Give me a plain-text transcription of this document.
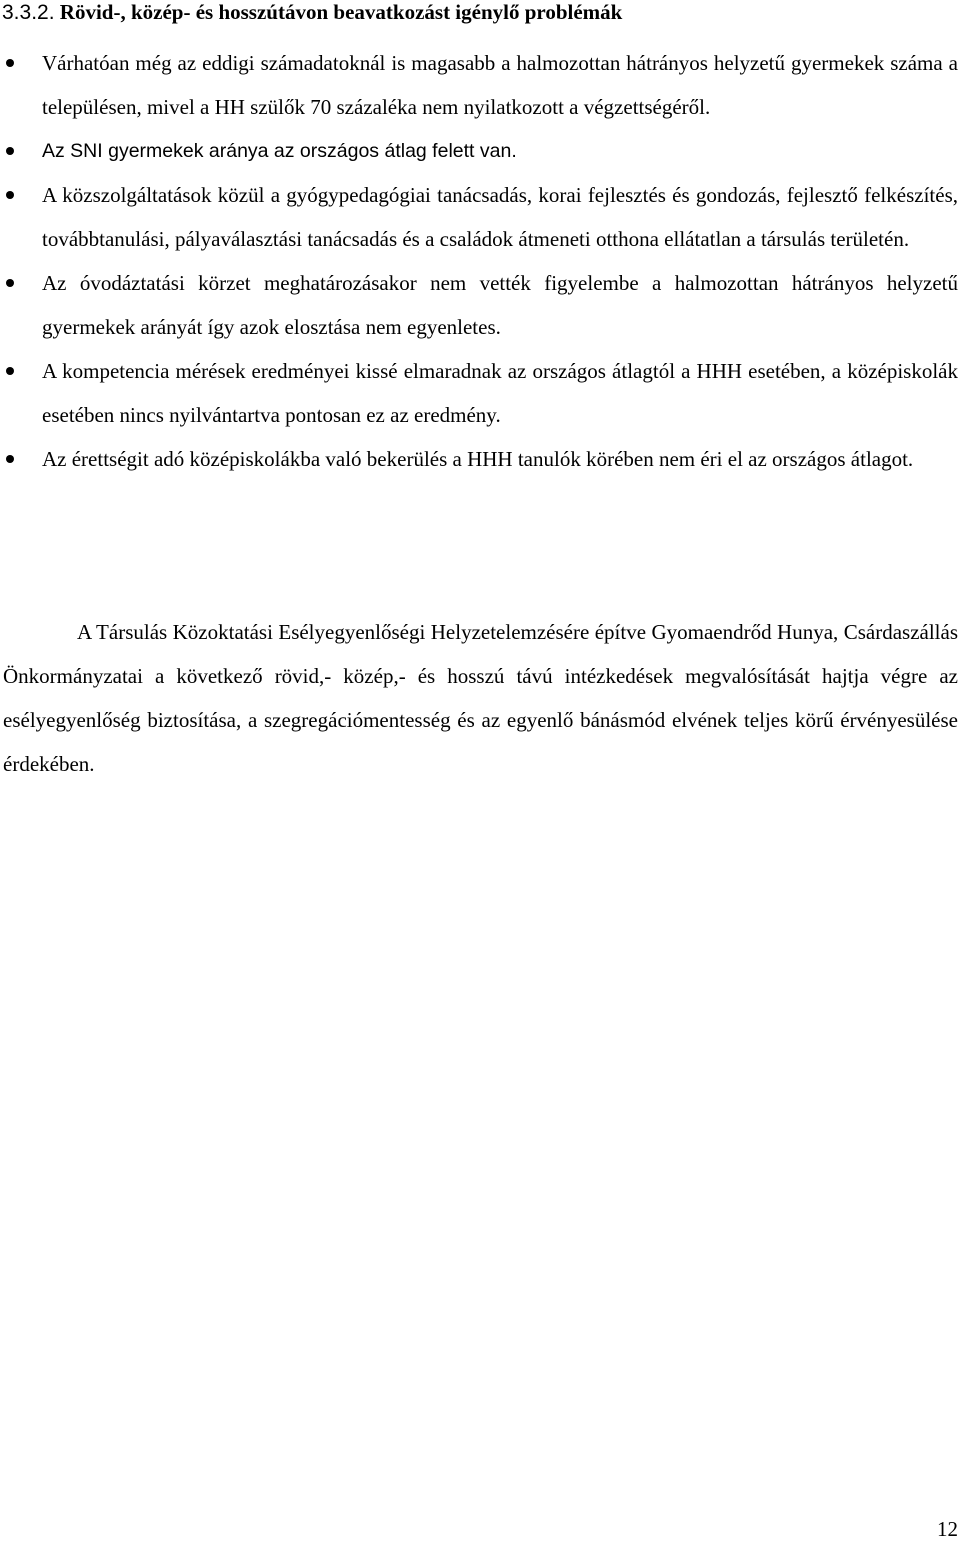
3.3.2. Rövid-, közép- és hosszútávon beavatkozást igénylő problémák
Várhatóan még az eddigi számadatoknál is magasabb a halmozottan hátrányos helyzetű gyermekek száma a településen, mivel a HH szülők 70 százaléka nem nyilatkozott a végzettségéről.
Az SNI gyermekek aránya az országos átlag felett van.
A közszolgáltatások közül a gyógypedagógiai tanácsadás, korai fejlesztés és gondozás, fejlesztő felkészítés, továbbtanulási, pályaválasztási tanácsadás és a családok átmeneti otthona ellátatlan a társulás területén.
Az óvodáztatási körzet meghatározásakor nem vették figyelembe a halmozottan hátrányos helyzetű gyermekek arányát így azok elosztása nem egyenletes.
A kompetencia mérések eredményei kissé elmaradnak az országos átlagtól a HHH esetében, a középiskolák esetében nincs nyilvántartva pontosan ez az eredmény.
Az érettségit adó középiskolákba való bekerülés a HHH tanulók körében nem éri el az országos átlagot.

A Társulás Közoktatási Esélyegyenlőségi Helyzetelemzésére építve Gyomaendrőd Hunya, Csárdaszállás Önkormányzatai a következő rövid,- közép,- és hosszú távú intézkedések megvalósítását hajtja végre az esélyegyenlőség biztosítása, a szegregációmentesség és az egyenlő bánásmód elvének teljes körű érvényesülése érdekében.

12
